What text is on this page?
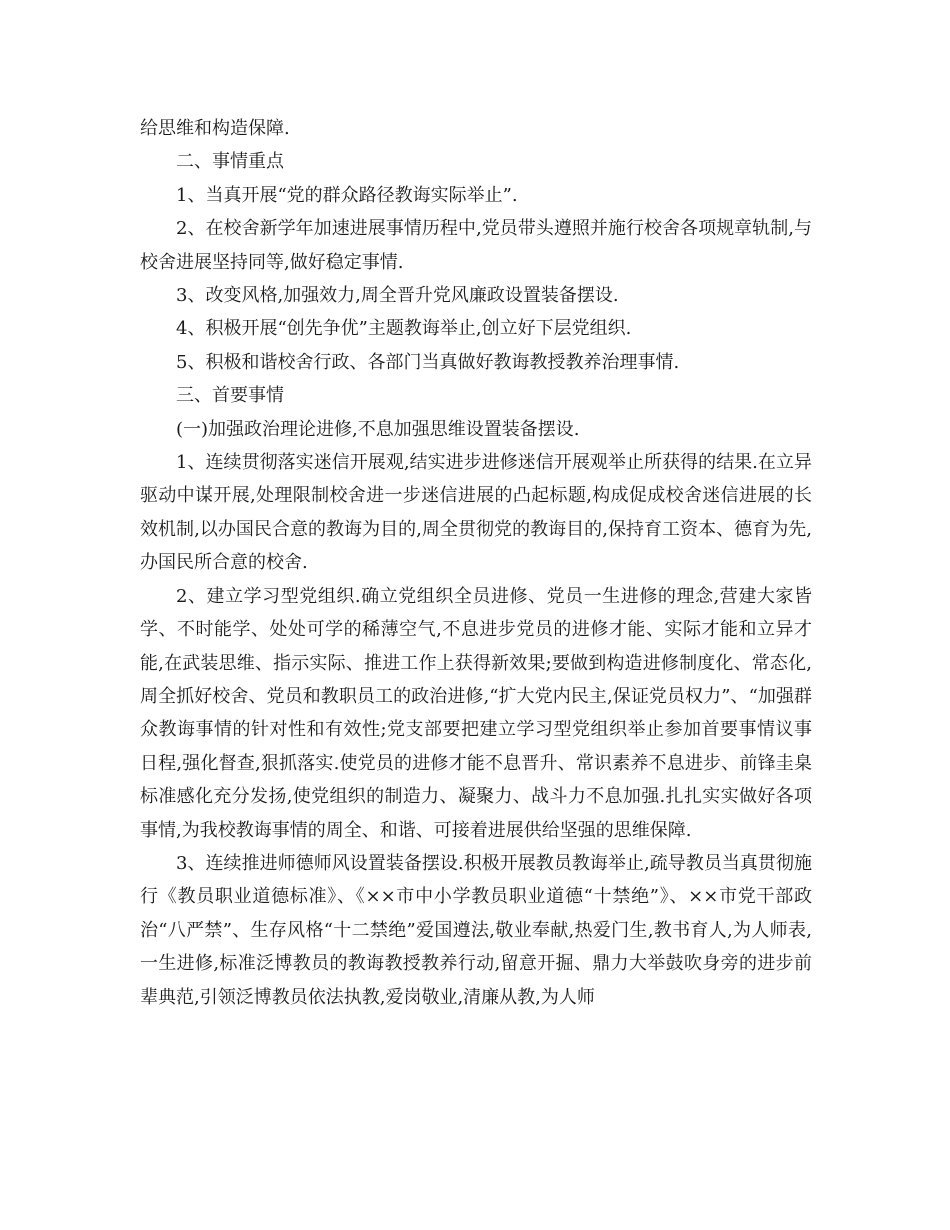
给思维和构造保障.

二、事情重点

1、当真开展“党的群众路径教诲实际举止”.

2、在校舍新学年加速进展事情历程中,党员带头遵照并施行校舍各项规章轨制,与校舍进展坚持同等,做好稳定事情.

3、改变风格,加强效力,周全晋升党风廉政设置装备摆设.

4、积极开展“创先争优”主题教诲举止,创立好下层党组织.

5、积极和谐校舍行政、各部门当真做好教诲教授教养治理事情.

三、首要事情

(一)加强政治理论进修,不息加强思维设置装备摆设.

1、连续贯彻落实迷信开展观,结实进步进修迷信开展观举止所获得的结果.在立异驱动中谋开展,处理限制校舍进一步迷信进展的凸起标题,构成促成校舍迷信进展的长效机制,以办国民合意的教诲为目的,周全贯彻党的教诲目的,保持育工资本、德育为先,办国民所合意的校舍.

2、建立学习型党组织.确立党组织全员进修、党员一生进修的理念,营建大家皆学、不时能学、处处可学的稀薄空气,不息进步党员的进修才能、实际才能和立异才能,在武装思维、指示实际、推进工作上获得新效果;要做到构造进修制度化、常态化,周全抓好校舍、党员和教职员工的政治进修,“扩大党内民主,保证党员权力”、“加强群众教诲事情的针对性和有效性;党支部要把建立学习型党组织举止参加首要事情议事日程,强化督查,狠抓落实.使党员的进修才能不息晋升、常识素养不息进步、前锋圭臬标准感化充分发扬,使党组织的制造力、凝聚力、战斗力不息加强.扎扎实实做好各项事情,为我校教诲事情的周全、和谐、可接着进展供给坚强的思维保障.

3、连续推进师德师风设置装备摆设.积极开展教员教诲举止,疏导教员当真贯彻施行《教员职业道德标准》、《××市中小学教员职业道德“十禁绝”》、××市党干部政治“八严禁”、生存风格“十二禁绝”爱国遵法,敬业奉献,热爱门生,教书育人,为人师表,一生进修,标准泛博教员的教诲教授教养行动,留意开掘、鼎力大举鼓吹身旁的进步前辈典范,引领泛博教员依法执教,爱岗敬业,清廉从教,为人师
